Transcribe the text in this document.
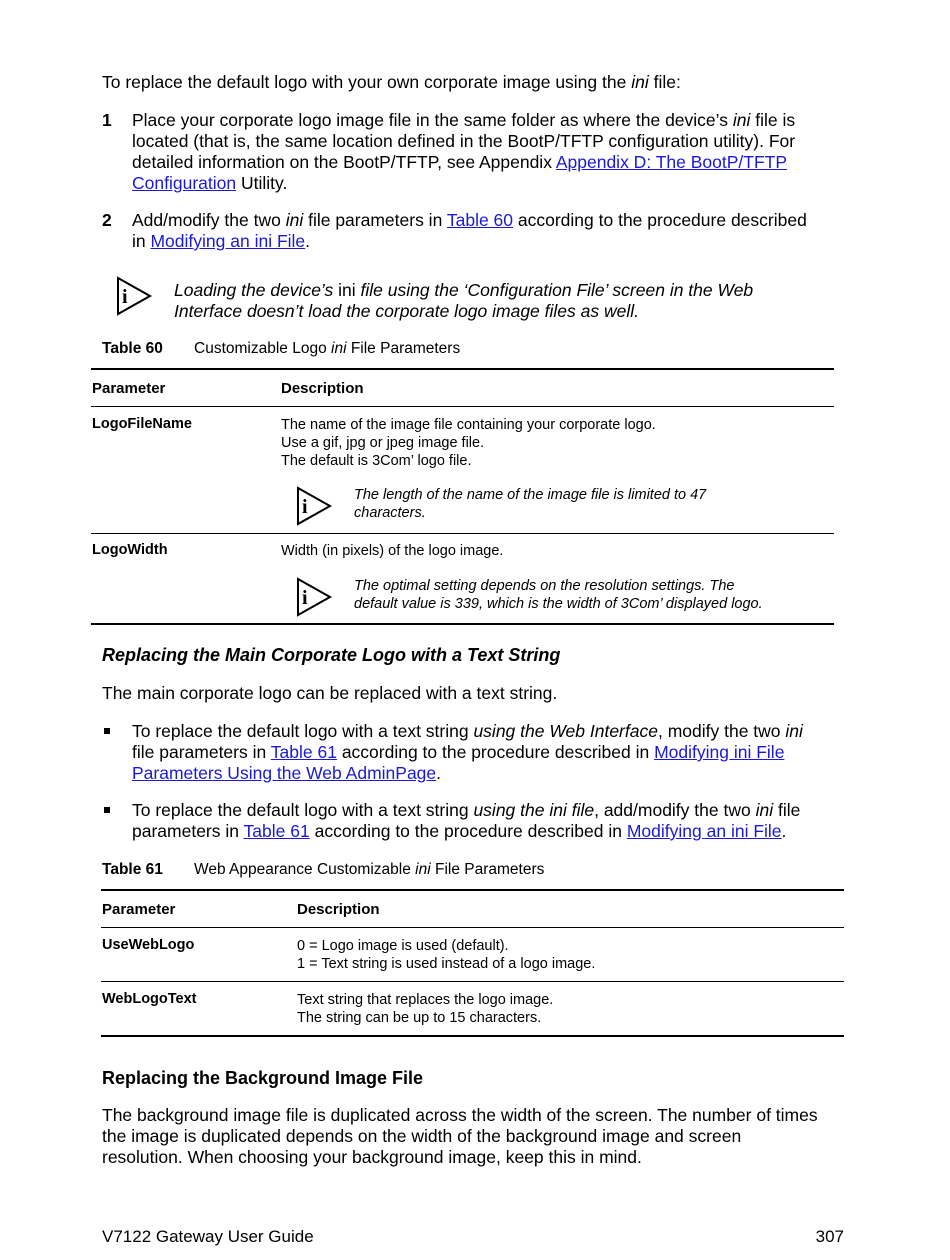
To replace the default logo with your own corporate image using the ini file:
1 Place your corporate logo image file in the same folder as where the device’s ini file is
located (that is, the same location defined in the BootP/TFTP configuration utility). For
detailed information on the BootP/TFTP, see Appendix Appendix D: The BootP/TFTP
Configuration Utility.
2 Add/modify the two ini file parameters in Table 60 according to the procedure described
in Modifying an ini File.
i	Loading the device’s ini file using the ‘Configuration File’ screen in the Web
Interface doesn’t load the corporate logo image files as well.
Table 60 Customizable Logo ini File Parameters
Parameter	Description
LogoFileName	The name of the image file containing your corporate logo.
Use a gif, jpg or jpeg image file.
The default is 3Com’ logo file.
i
The length of the name of the image file is limited to 47
characters.
LogoWidth	Width (in pixels) of the logo image.
i
The optimal setting depends on the resolution settings. The
default value is 339, which is the width of 3Com’ displayed logo.
Replacing the Main Corporate Logo with a Text String
The main corporate logo can be replaced with a text string.
To replace the default logo with a text string using the Web Interface, modify the two ini
file parameters in Table 61 according to the procedure described in Modifying ini File
Parameters Using the Web AdminPage.
To replace the default logo with a text string using the ini file, add/modify the two ini file
parameters in Table 61 according to the procedure described in Modifying an ini File.
Table 61 Web Appearance Customizable ini File Parameters
Parameter	Description
UseWebLogo	0 = Logo image is used (default).
1 = Text string is used instead of a logo image.
WebLogoText	Text string that replaces the logo image.
The string can be up to 15 characters.
Replacing the Background Image File
The background image file is duplicated across the width of the screen. The number of times
the image is duplicated depends on the width of the background image and screen
resolution. When choosing your background image, keep this in mind.
V7122 Gateway User Guide	307
